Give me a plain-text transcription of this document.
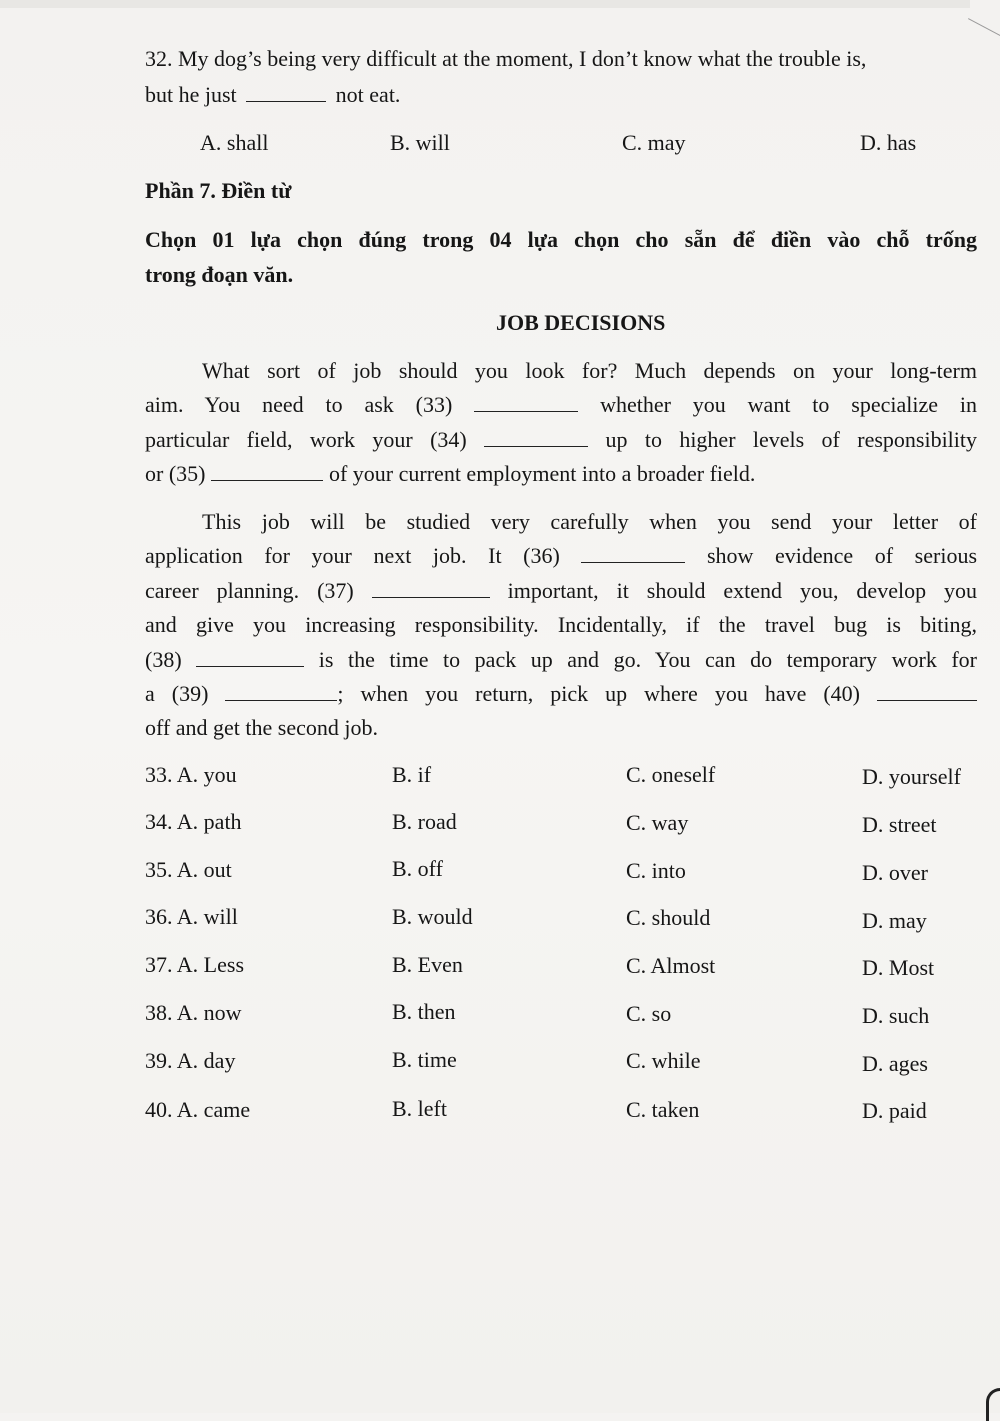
32. My dog’s being very difficult at the moment, I don’t know what the trouble is,
but he just	not eat.
A. shall	B. will	C. may	D. has
Phần 7. Điền từ
Chọn 01 lựa chọn đúng trong 04 lựa chọn cho sẵn để điền vào chỗ trống
trong đoạn văn.
JOB DECISIONS
What sort of job should you look for? Much depends on your long-term
aim. You need to ask (33)	whether you want to specialize in
particular field, work your (34)	up to higher levels of responsibility
or (35)	of your current employment into a broader field.
This job will be studied very carefully when you send your letter of
application for your next job. It (36)	show evidence of serious
career planning. (37)	important, it should extend you, develop you
and give you increasing responsibility. Incidentally, if the travel bug is biting,
(38)	is the time to pack up and go. You can do temporary work for
a (39)	; when you return, pick up where you have (40)
off and get the second job.
33. A. you	B. if	C. oneself	D. yourself
34. A. path	B. road	C. way	D. street
35. A. out	B. off	C. into	D. over
36. A. will	B. would	C. should	D. may
37. A. Less	B. Even	C. Almost	D. Most
38. A. now	B. then	C. so	D. such
39. A. day	B. time	C. while	D. ages
40. A. came	B. left	C. taken	D. paid
